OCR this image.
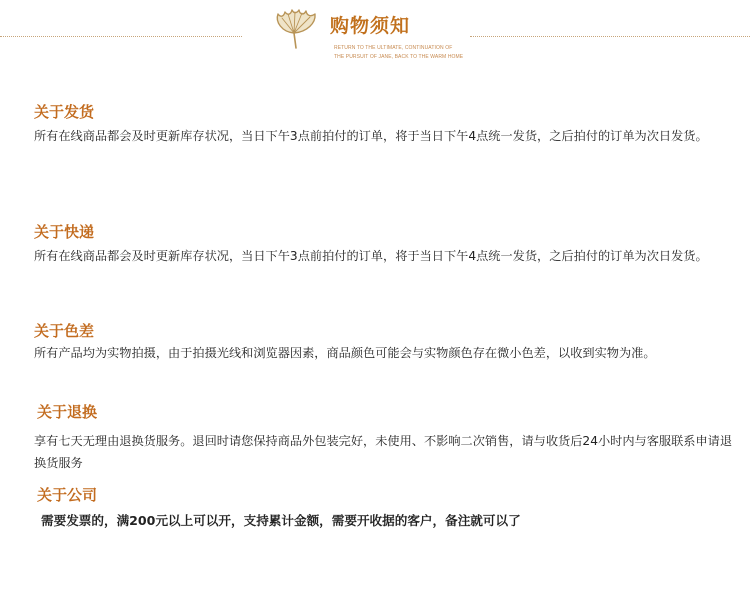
购物须知
RETURN TO THE ULTIMATE, CONTINUATION OF
THE PURSUIT OF JANE, BACK TO THE WARM HOME
关于发货
所有在线商品都会及时更新库存状况，当日下午3点前拍付的订单，将于当日下午4点统一发货，之后拍付的订单为次日发货。
关于快递
所有在线商品都会及时更新库存状况，当日下午3点前拍付的订单，将于当日下午4点统一发货，之后拍付的订单为次日发货。
关于色差
所有产品均为实物拍摄，由于拍摄光线和浏览器因素，商品颜色可能会与实物颜色存在微小色差，以收到实物为准。
关于退换
享有七天无理由退换货服务。退回时请您保持商品外包装完好，未使用、不影响二次销售，请与收货后24小时内与客服联系申请退换货服务
关于公司
需要发票的，满200元以上可以开，支持累计金额，需要开收据的客户，备注就可以了
